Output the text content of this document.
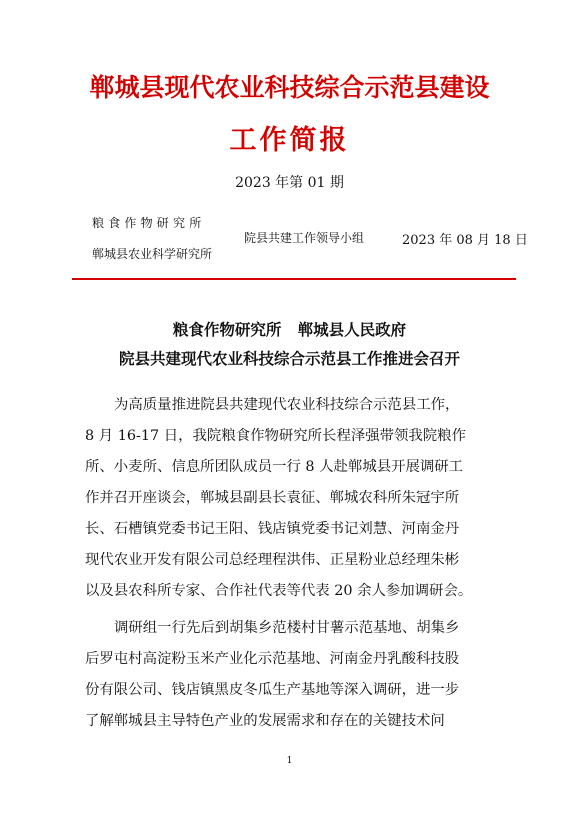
郸城县现代农业科技综合示范县建设
工作简报
2023 年第 01 期
粮食作物研究所
郸城县农业科学研究所
院县共建工作领导小组	2023 年 08 月 18 日
粮食作物研究所   郸城县人民政府
院县共建现代农业科技综合示范县工作推进会召开
为高质量推进院县共建现代农业科技综合示范县工作，
8 月 16-17 日，我院粮食作物研究所长程泽强带领我院粮作
所、小麦所、信息所团队成员一行 8 人赴郸城县开展调研工
作并召开座谈会，郸城县副县长袁征、郸城农科所朱冠宇所
长、石槽镇党委书记王阳、钱店镇党委书记刘慧、河南金丹
现代农业开发有限公司总经理程洪伟、正星粉业总经理朱彬
以及县农科所专家、合作社代表等代表 20 余人参加调研会。
调研组一行先后到胡集乡范楼村甘薯示范基地、胡集乡
后罗屯村高淀粉玉米产业化示范基地、河南金丹乳酸科技股
份有限公司、钱店镇黑皮冬瓜生产基地等深入调研，进一步
了解郸城县主导特色产业的发展需求和存在的关键技术问
1
